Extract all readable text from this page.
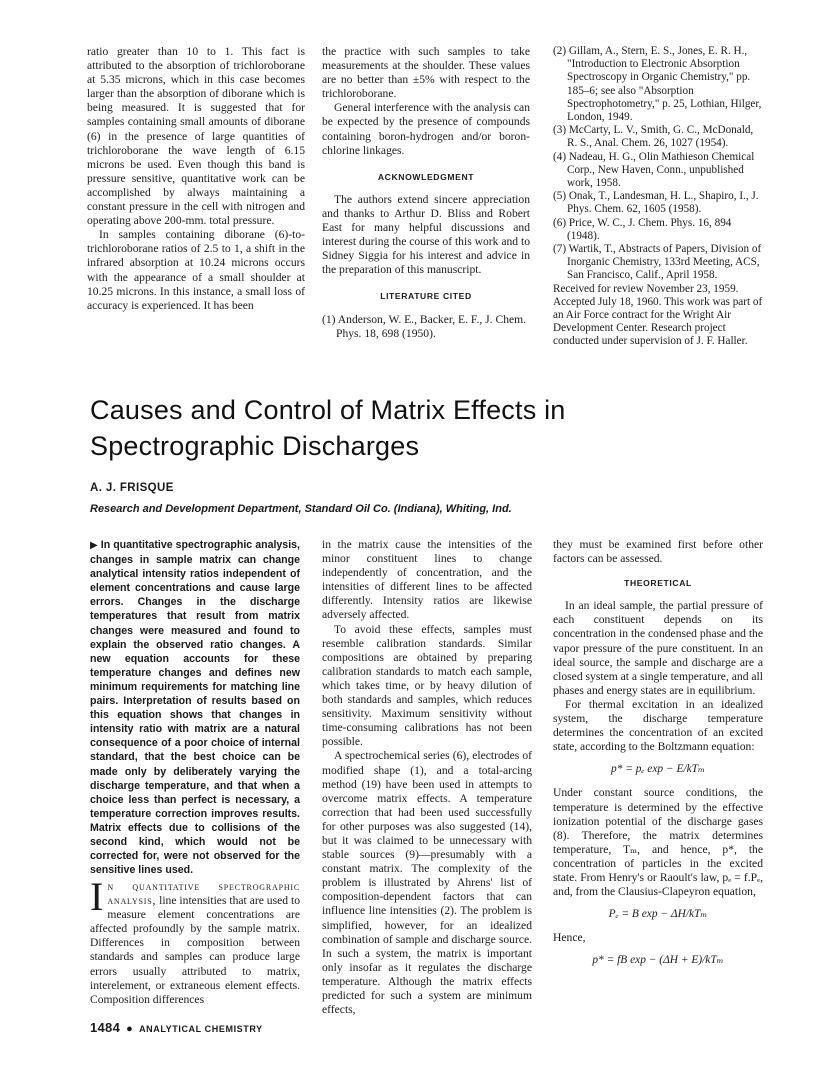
ratio greater than 10 to 1. This fact is attributed to the absorption of trichloroborane at 5.35 microns, which in this case becomes larger than the absorption of diborane which is being measured. It is suggested that for samples containing small amounts of diborane (6) in the presence of large quantities of trichloroborane the wave length of 6.15 microns be used. Even though this band is pressure sensitive, quantitative work can be accomplished by always maintaining a constant pressure in the cell with nitrogen and operating above 200-mm. total pressure.

In samples containing diborane (6)-to-trichloroborane ratios of 2.5 to 1, a shift in the infrared absorption at 10.24 microns occurs with the appearance of a small shoulder at 10.25 microns. In this instance, a small loss of accuracy is experienced. It has been

the practice with such samples to take measurements at the shoulder. These values are no better than ±5% with respect to the trichloroborane.

General interference with the analysis can be expected by the presence of compounds containing boron-hydrogen and/or boron-chlorine linkages.

ACKNOWLEDGMENT

The authors extend sincere appreciation and thanks to Arthur D. Bliss and Robert East for many helpful discussions and interest during the course of this work and to Sidney Siggia for his interest and advice in the preparation of this manuscript.

LITERATURE CITED

(1) Anderson, W. E., Backer, E. F., J. Chem. Phys. 18, 698 (1950).

(2) Gillam, A., Stern, E. S., Jones, E. R. H., "Introduction to Electronic Absorption Spectroscopy in Organic Chemistry," pp. 185–6; see also "Absorption Spectrophotometry," p. 25, Lothian, Hilger, London, 1949.

(3) McCarty, L. V., Smith, G. C., McDonald, R. S., Anal. Chem. 26, 1027 (1954).

(4) Nadeau, H. G., Olin Mathieson Chemical Corp., New Haven, Conn., unpublished work, 1958.

(5) Onak, T., Landesman, H. L., Shapiro, I., J. Phys. Chem. 62, 1605 (1958).

(6) Price, W. C., J. Chem. Phys. 16, 894 (1948).

(7) Wartik, T., Abstracts of Papers, Division of Inorganic Chemistry, 133rd Meeting, ACS, San Francisco, Calif., April 1958.

Received for review November 23, 1959. Accepted July 18, 1960. This work was part of an Air Force contract for the Wright Air Development Center. Research project conducted under supervision of J. F. Haller.

Causes and Control of Matrix Effects in Spectrographic Discharges
A. J. FRISQUE
Research and Development Department, Standard Oil Co. (Indiana), Whiting, Ind.
▶ In quantitative spectrographic analysis, changes in sample matrix can change analytical intensity ratios independent of element concentrations and cause large errors. Changes in the discharge temperatures that result from matrix changes were measured and found to explain the observed ratio changes. A new equation accounts for these temperature changes and defines new minimum requirements for matching line pairs. Interpretation of results based on this equation shows that changes in intensity ratio with matrix are a natural consequence of a poor choice of internal standard, that the best choice can be made only by deliberately varying the discharge temperature, and that when a choice less than perfect is necessary, a temperature correction improves results. Matrix effects due to collisions of the second kind, which would not be corrected for, were not observed for the sensitive lines used.

In quantitative spectrographic analysis, line intensities that are used to measure element concentrations are affected profoundly by the sample matrix. Differences in composition between standards and samples can produce large errors usually attributed to matrix, interelement, or extraneous element effects. Composition differences

in the matrix cause the intensities of the minor constituent lines to change independently of concentration, and the intensities of different lines to be affected differently. Intensity ratios are likewise adversely affected.

To avoid these effects, samples must resemble calibration standards. Similar compositions are obtained by preparing calibration standards to match each sample, which takes time, or by heavy dilution of both standards and samples, which reduces sensitivity. Maximum sensitivity without time-consuming calibrations has not been possible.

A spectrochemical series (6), electrodes of modified shape (1), and a total-arcing method (19) have been used in attempts to overcome matrix effects. A temperature correction that had been used successfully for other purposes was also suggested (14), but it was claimed to be unnecessary with stable sources (9)—presumably with a constant matrix. The complexity of the problem is illustrated by Ahrens' list of composition-dependent factors that can influence line intensities (2). The problem is simplified, however, for an idealized combination of sample and discharge source. In such a system, the matrix is important only insofar as it regulates the discharge temperature. Although the matrix effects predicted for such a system are minimum effects,

they must be examined first before other factors can be assessed.

THEORETICAL

In an ideal sample, the partial pressure of each constituent depends on its concentration in the condensed phase and the vapor pressure of the pure constituent. In an ideal source, the sample and discharge are a closed system at a single temperature, and all phases and energy states are in equilibrium.

For thermal excitation in an idealized system, the discharge temperature determines the concentration of an excited state, according to the Boltzmann equation:

p* = pₑ exp − E/kTₘ

Under constant source conditions, the temperature is determined by the effective ionization potential of the discharge gases (8). Therefore, the matrix determines temperature, Tₘ, and hence, p*, the concentration of particles in the excited state. From Henry's or Raoult's law, pₑ = f.Pₑ, and, from the Clausius-Clapeyron equation,

Pₑ = B exp − ΔH/kTₘ

Hence,

p* = fB exp − (ΔH + E)/kTₘ
1484 ● ANALYTICAL CHEMISTRY
